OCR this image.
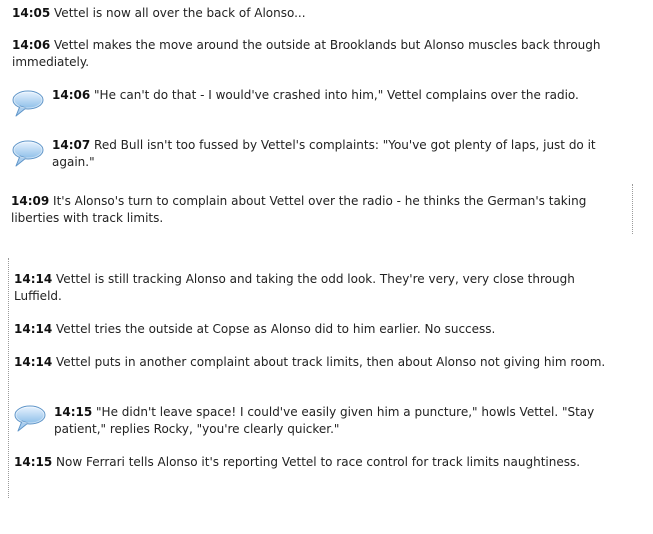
14:05 Vettel is now all over the back of Alonso...
14:06 Vettel makes the move around the outside at Brooklands but Alonso muscles back through immediately.
14:06 "He can't do that - I would've crashed into him," Vettel complains over the radio.
14:07 Red Bull isn't too fussed by Vettel's complaints: "You've got plenty of laps, just do it again."
14:09 It's Alonso's turn to complain about Vettel over the radio - he thinks the German's taking liberties with track limits.
14:14 Vettel is still tracking Alonso and taking the odd look. They're very, very close through Luffield.
14:14 Vettel tries the outside at Copse as Alonso did to him earlier. No success.
14:14 Vettel puts in another complaint about track limits, then about Alonso not giving him room.
14:15 "He didn't leave space! I could've easily given him a puncture," howls Vettel. "Stay patient," replies Rocky, "you're clearly quicker."
14:15 Now Ferrari tells Alonso it's reporting Vettel to race control for track limits naughtiness.
